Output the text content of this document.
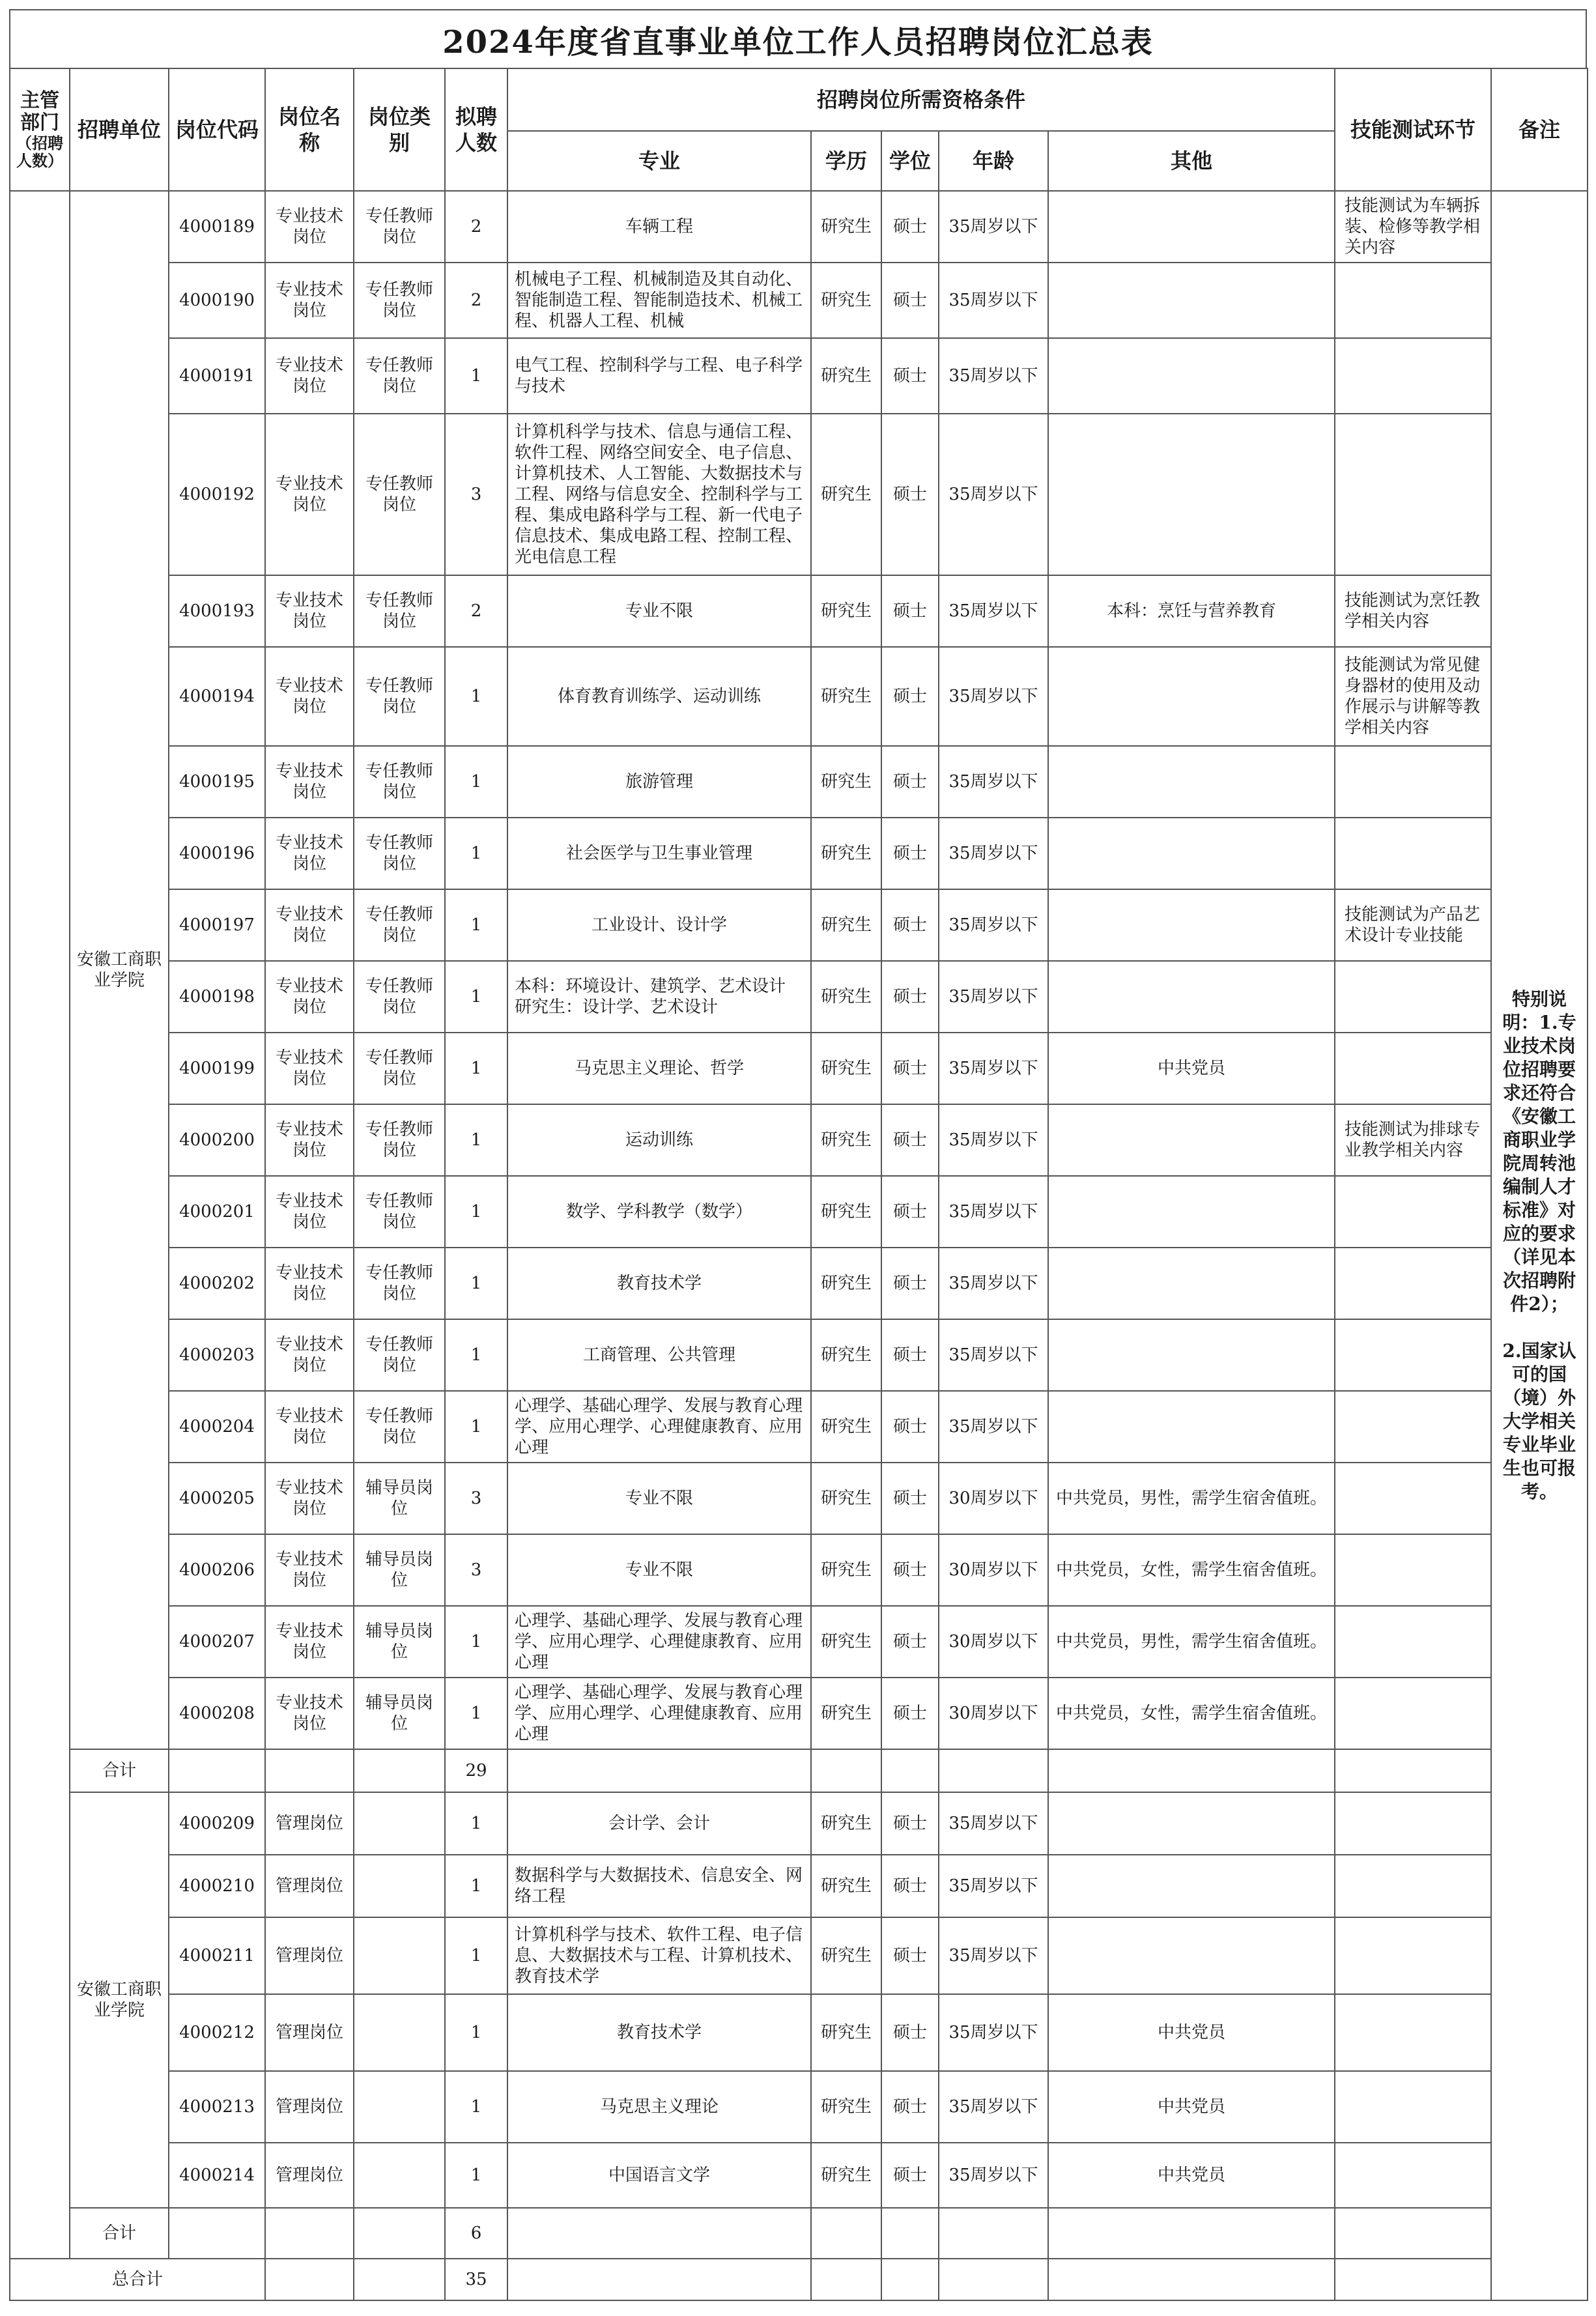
2024年度省直事业单位工作人员招聘岗位汇总表
主管部门
（招聘人数）	招聘单位	岗位代码	岗位名称	岗位类别	拟聘人数	招聘岗位所需资格条件					技能测试环节	备注
						专业	学历	学位	年龄	其他		
	安徽工商职业学院	4000189	专业技术岗位	专任教师岗位	2	车辆工程	研究生	硕士	35周岁以下		技能测试为车辆拆装、检修等教学相关内容	特别说明：1.专业技术岗位招聘要求还符合《安徽工商职业学院周转池编制人才标准》对应的要求（详见本次招聘附件2）；

2.国家认可的国（境）外大学相关专业毕业生也可报考。
		4000190	专业技术岗位	专任教师岗位	2	机械电子工程、机械制造及其自动化、智能制造工程、智能制造技术、机械工程、机器人工程、机械	研究生	硕士	35周岁以下			
		4000191	专业技术岗位	专任教师岗位	1	电气工程、控制科学与工程、电子科学与技术	研究生	硕士	35周岁以下			
		4000192	专业技术岗位	专任教师岗位	3	计算机科学与技术、信息与通信工程、软件工程、网络空间安全、电子信息、计算机技术、人工智能、大数据技术与工程、网络与信息安全、控制科学与工程、集成电路科学与工程、新一代电子信息技术、集成电路工程、控制工程、光电信息工程	研究生	硕士	35周岁以下			
		4000193	专业技术岗位	专任教师岗位	2	专业不限	研究生	硕士	35周岁以下	本科：烹饪与营养教育	技能测试为烹饪教学相关内容	
		4000194	专业技术岗位	专任教师岗位	1	体育教育训练学、运动训练	研究生	硕士	35周岁以下		技能测试为常见健身器材的使用及动作展示与讲解等教学相关内容	
		4000195	专业技术岗位	专任教师岗位	1	旅游管理	研究生	硕士	35周岁以下			
		4000196	专业技术岗位	专任教师岗位	1	社会医学与卫生事业管理	研究生	硕士	35周岁以下			
		4000197	专业技术岗位	专任教师岗位	1	工业设计、设计学	研究生	硕士	35周岁以下		技能测试为产品艺术设计专业技能	
		4000198	专业技术岗位	专任教师岗位	1	本科：环境设计、建筑学、艺术设计 研究生：设计学、艺术设计	研究生	硕士	35周岁以下			
		4000199	专业技术岗位	专任教师岗位	1	马克思主义理论、哲学	研究生	硕士	35周岁以下	中共党员		
		4000200	专业技术岗位	专任教师岗位	1	运动训练	研究生	硕士	35周岁以下		技能测试为排球专业教学相关内容	
		4000201	专业技术岗位	专任教师岗位	1	数学、学科教学（数学）	研究生	硕士	35周岁以下			
		4000202	专业技术岗位	专任教师岗位	1	教育技术学	研究生	硕士	35周岁以下			
		4000203	专业技术岗位	专任教师岗位	1	工商管理、公共管理	研究生	硕士	35周岁以下			
		4000204	专业技术岗位	专任教师岗位	1	心理学、基础心理学、发展与教育心理学、应用心理学、心理健康教育、应用心理	研究生	硕士	35周岁以下			
		4000205	专业技术岗位	辅导员岗位	3	专业不限	研究生	硕士	30周岁以下	中共党员，男性，需学生宿舍值班。		
		4000206	专业技术岗位	辅导员岗位	3	专业不限	研究生	硕士	30周岁以下	中共党员，女性，需学生宿舍值班。		
		4000207	专业技术岗位	辅导员岗位	1	心理学、基础心理学、发展与教育心理学、应用心理学、心理健康教育、应用心理	研究生	硕士	30周岁以下	中共党员，男性，需学生宿舍值班。		
		4000208	专业技术岗位	辅导员岗位	1	心理学、基础心理学、发展与教育心理学、应用心理学、心理健康教育、应用心理	研究生	硕士	30周岁以下	中共党员，女性，需学生宿舍值班。		
	合计				29							
	安徽工商职业学院	4000209	管理岗位		1	会计学、会计	研究生	硕士	35周岁以下			
		4000210	管理岗位		1	数据科学与大数据技术、信息安全、网络工程	研究生	硕士	35周岁以下			
		4000211	管理岗位		1	计算机科学与技术、软件工程、电子信息、大数据技术与工程、计算机技术、教育技术学	研究生	硕士	35周岁以下			
		4000212	管理岗位		1	教育技术学	研究生	硕士	35周岁以下	中共党员		
		4000213	管理岗位		1	马克思主义理论	研究生	硕士	35周岁以下	中共党员		
		4000214	管理岗位		1	中国语言文学	研究生	硕士	35周岁以下	中共党员		
	合计				6							
总合计					35							
